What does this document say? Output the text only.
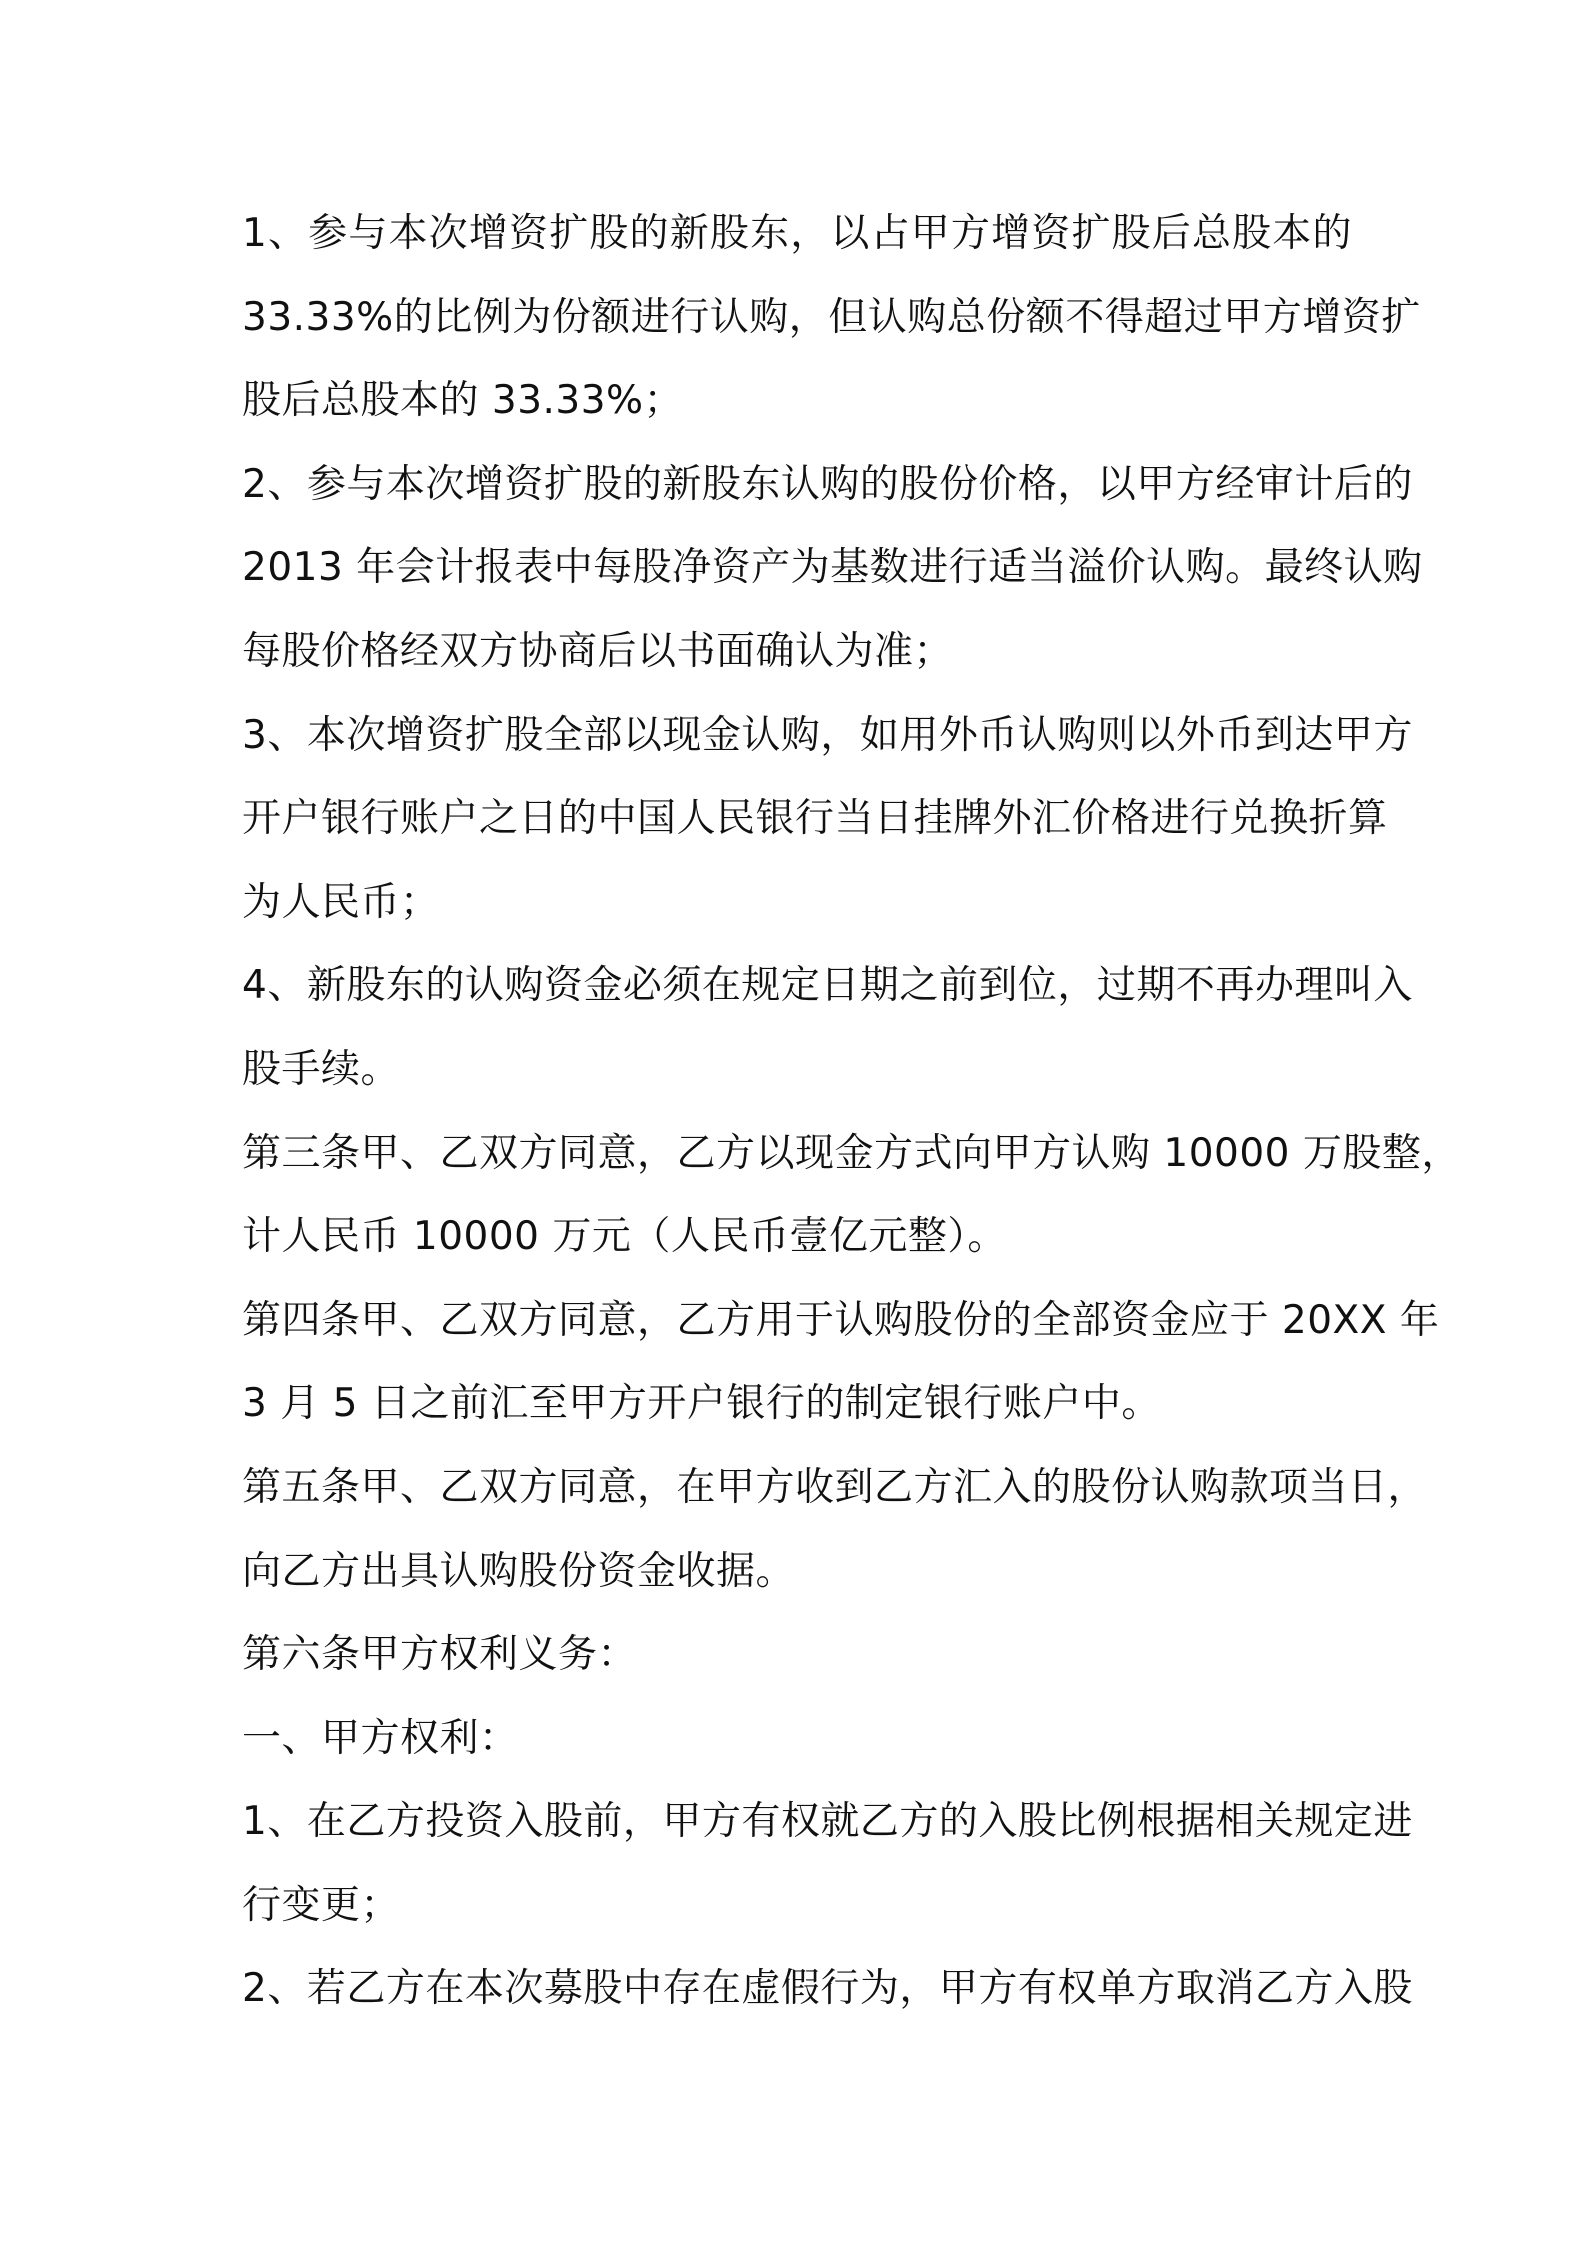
1、参与本次增资扩股的新股东，以占甲方增资扩股后总股本的
33.33%的比例为份额进行认购，但认购总份额不得超过甲方增资扩
股后总股本的 33.33%；
2、参与本次增资扩股的新股东认购的股份价格，以甲方经审计后的
2013 年会计报表中每股净资产为基数进行适当溢价认购。最终认购
每股价格经双方协商后以书面确认为准；
3、本次增资扩股全部以现金认购，如用外币认购则以外币到达甲方
开户银行账户之日的中国人民银行当日挂牌外汇价格进行兑换折算
为人民币；
4、新股东的认购资金必须在规定日期之前到位，过期不再办理叫入
股手续。
第三条甲、乙双方同意，乙方以现金方式向甲方认购 10000 万股整，
计人民币 10000 万元（人民币壹亿元整）。
第四条甲、乙双方同意，乙方用于认购股份的全部资金应于 20XX 年
3 月 5 日之前汇至甲方开户银行的制定银行账户中。
第五条甲、乙双方同意，在甲方收到乙方汇入的股份认购款项当日，
向乙方出具认购股份资金收据。
第六条甲方权利义务：
一、甲方权利：
1、在乙方投资入股前，甲方有权就乙方的入股比例根据相关规定进
行变更；
2、若乙方在本次募股中存在虚假行为，甲方有权单方取消乙方入股
